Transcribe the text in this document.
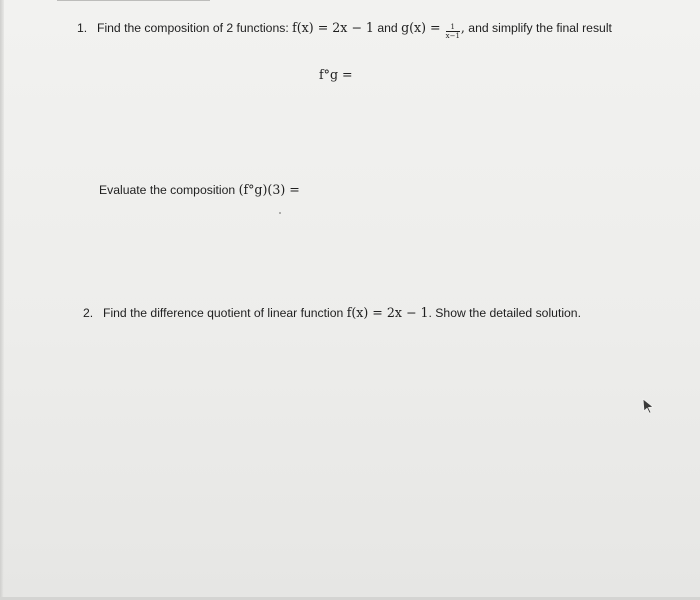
1. Find the composition of 2 functions: f(x) = 2x − 1 and $g(x) = \frac{1}{x-1}$ , and simplify the final result
f°g =
Evaluate the composition (f°g)(3) =
2. Find the difference quotient of linear function f(x) = 2x − 1. Show the detailed solution.
